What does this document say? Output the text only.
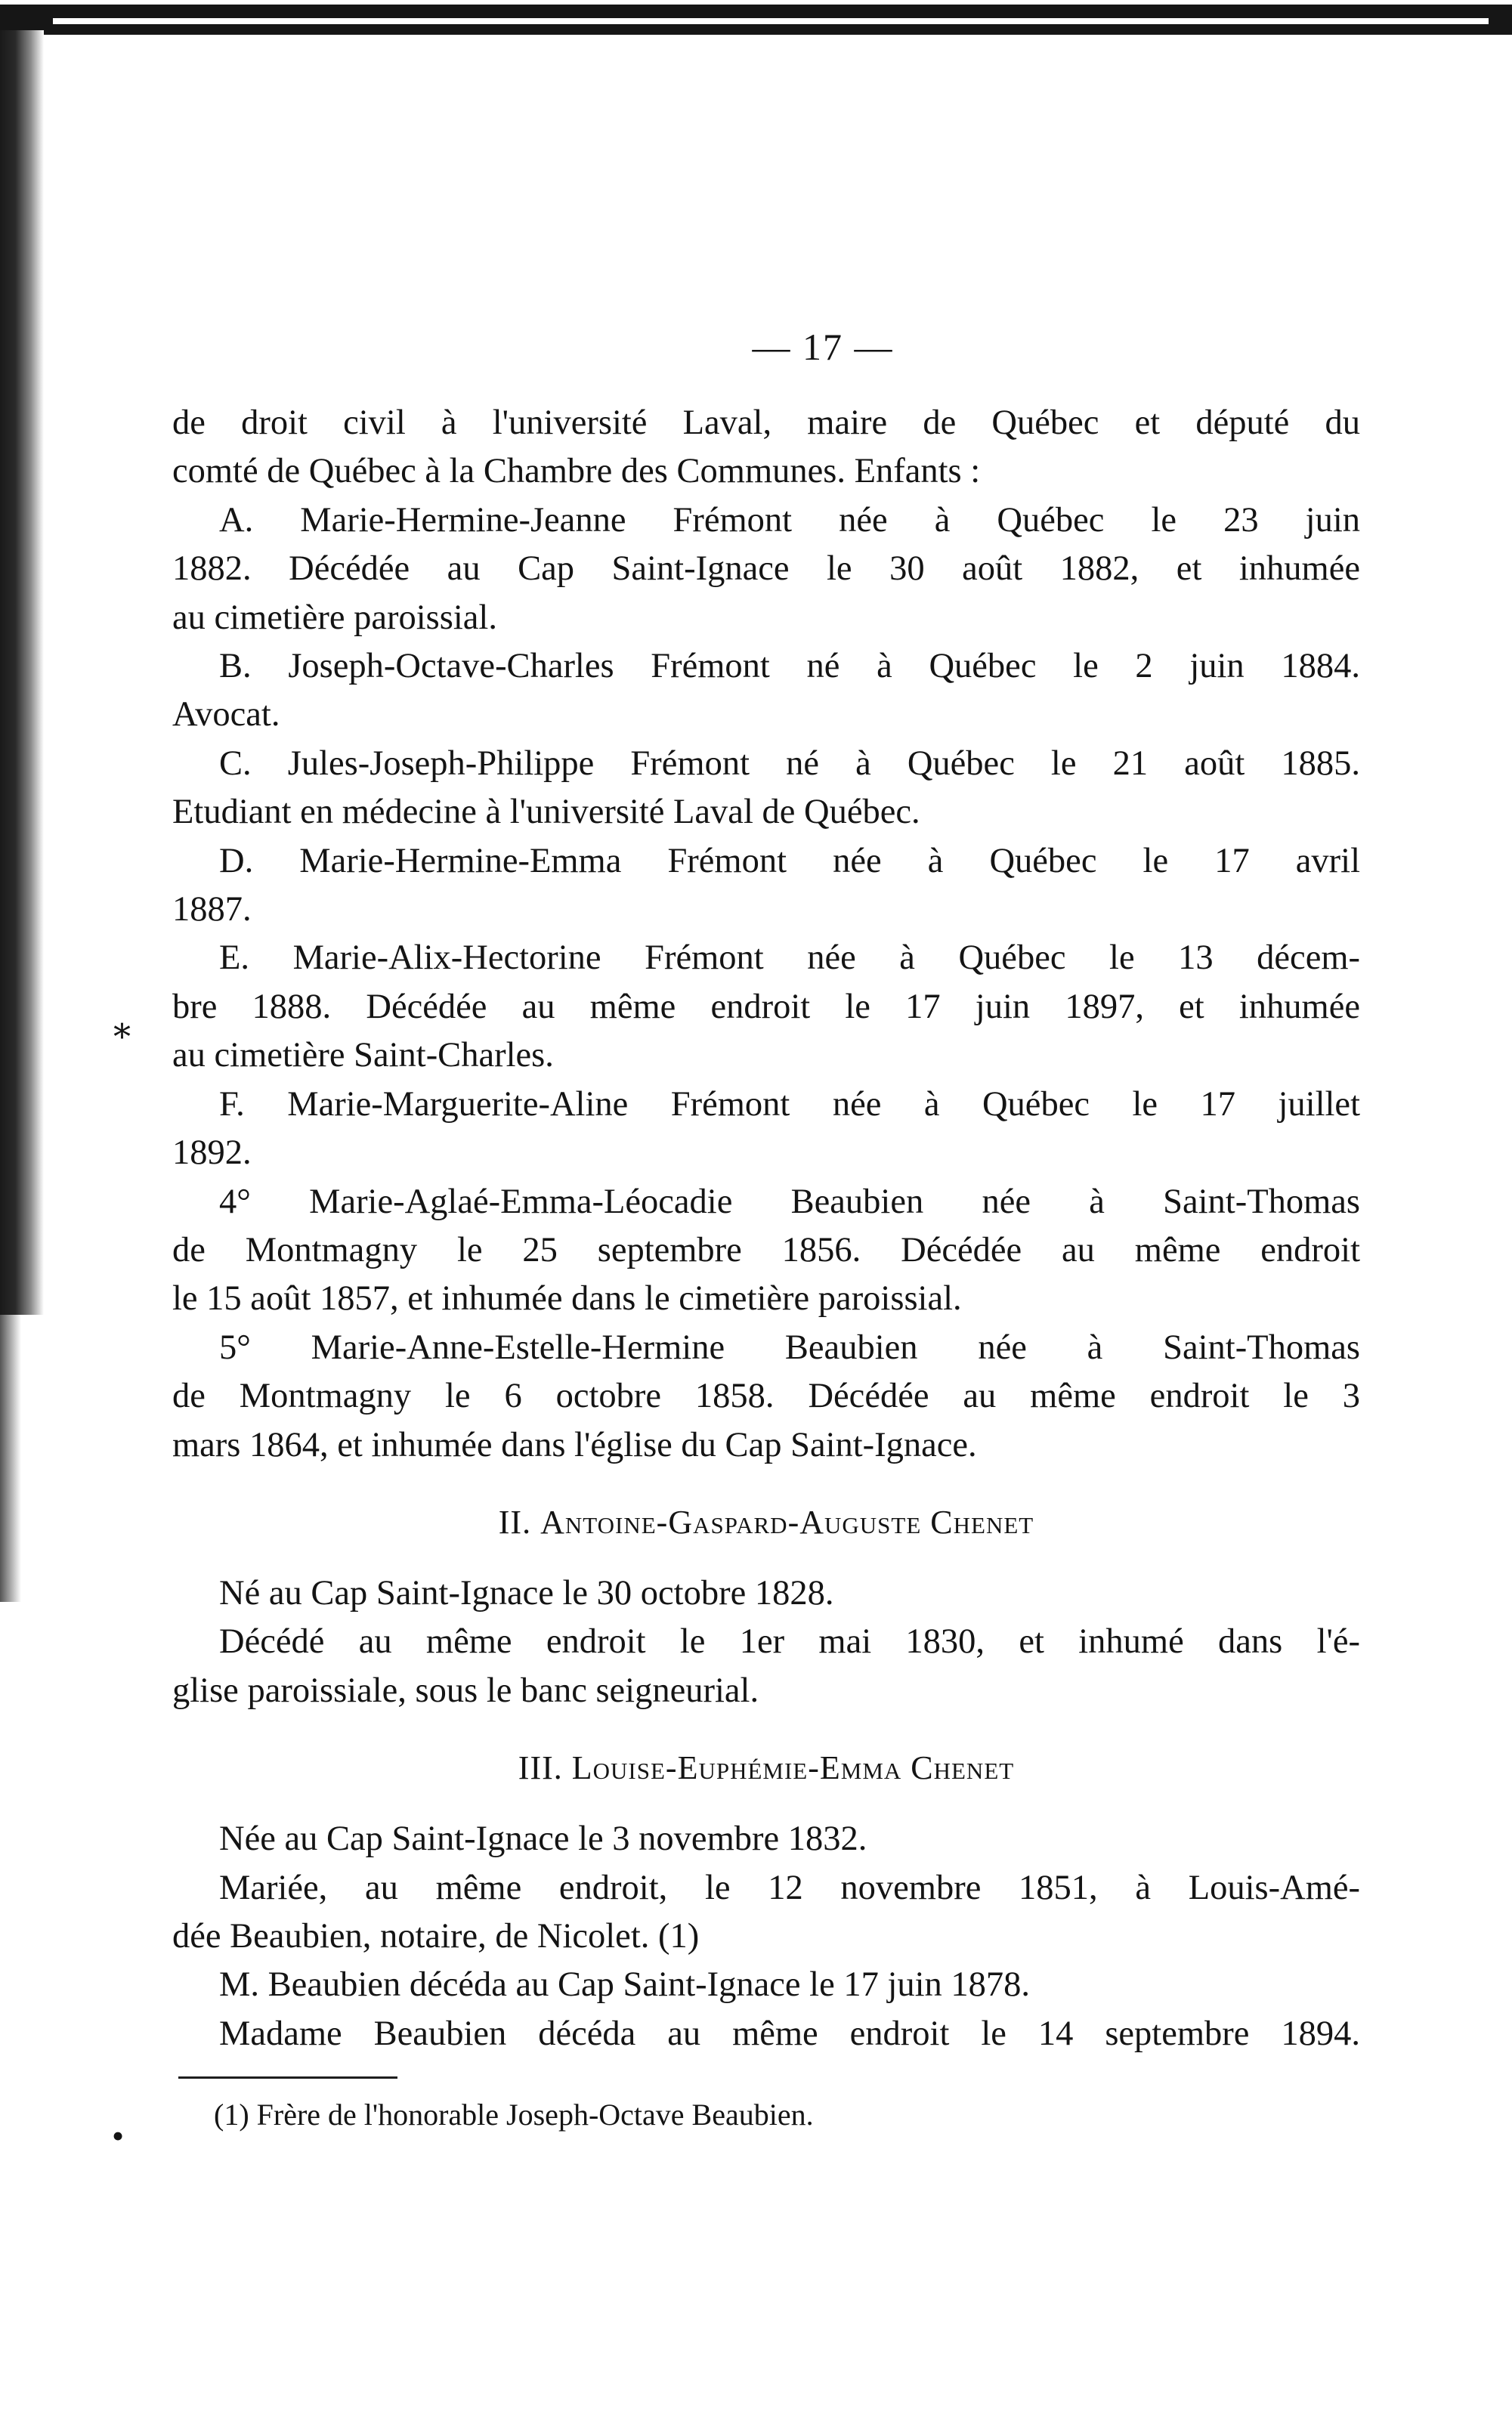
⁎
•
— 17 —
de droit civil à l'université Laval, maire de Québec et député du
comté de Québec à la Chambre des Communes. Enfants :
A. Marie-Hermine-Jeanne Frémont née à Québec le 23 juin
1882. Décédée au Cap Saint-Ignace le 30 août 1882, et inhumée
au cimetière paroissial.
B. Joseph-Octave-Charles Frémont né à Québec le 2 juin 1884.
Avocat.
C. Jules-Joseph-Philippe Frémont né à Québec le 21 août 1885.
Etudiant en médecine à l'université Laval de Québec.
D. Marie-Hermine-Emma Frémont née à Québec le 17 avril
1887.
E. Marie-Alix-Hectorine Frémont née à Québec le 13 décem-
bre 1888. Décédée au même endroit le 17 juin 1897, et inhumée
au cimetière Saint-Charles.
F. Marie-Marguerite-Aline Frémont née à Québec le 17 juillet
1892.
4° Marie-Aglaé-Emma-Léocadie Beaubien née à Saint-Thomas
de Montmagny le 25 septembre 1856. Décédée au même endroit
le 15 août 1857, et inhumée dans le cimetière paroissial.
5° Marie-Anne-Estelle-Hermine Beaubien née à Saint-Thomas
de Montmagny le 6 octobre 1858. Décédée au même endroit le 3
mars 1864, et inhumée dans l'église du Cap Saint-Ignace.
II. Antoine-Gaspard-Auguste Chenet
Né au Cap Saint-Ignace le 30 octobre 1828.
Décédé au même endroit le 1er mai 1830, et inhumé dans l'é-
glise paroissiale, sous le banc seigneurial.
III. Louise-Euphémie-Emma Chenet
Née au Cap Saint-Ignace le 3 novembre 1832.
Mariée, au même endroit, le 12 novembre 1851, à Louis-Amé-
dée Beaubien, notaire, de Nicolet. (1)
M. Beaubien décéda au Cap Saint-Ignace le 17 juin 1878.
Madame Beaubien décéda au même endroit le 14 septembre 1894.
(1) Frère de l'honorable Joseph-Octave Beaubien.
